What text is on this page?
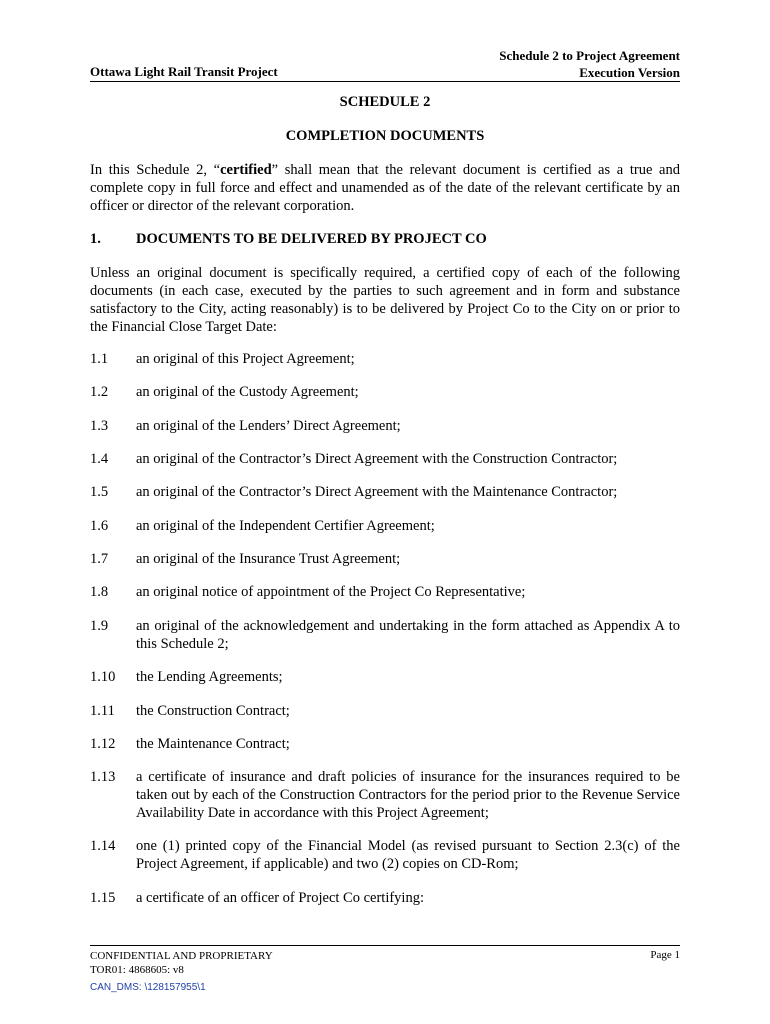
Schedule 2 to Project Agreement
Execution Version
Ottawa Light Rail Transit Project
SCHEDULE 2
COMPLETION DOCUMENTS
In this Schedule 2, “certified” shall mean that the relevant document is certified as a true and complete copy in full force and effect and unamended as of the date of the relevant certificate by an officer or director of the relevant corporation.
1. DOCUMENTS TO BE DELIVERED BY PROJECT CO
Unless an original document is specifically required, a certified copy of each of the following documents (in each case, executed by the parties to such agreement and in form and substance satisfactory to the City, acting reasonably) is to be delivered by Project Co to the City on or prior to the Financial Close Target Date:
1.1	an original of this Project Agreement;
1.2	an original of the Custody Agreement;
1.3	an original of the Lenders’ Direct Agreement;
1.4	an original of the Contractor’s Direct Agreement with the Construction Contractor;
1.5	an original of the Contractor’s Direct Agreement with the Maintenance Contractor;
1.6	an original of the Independent Certifier Agreement;
1.7	an original of the Insurance Trust Agreement;
1.8	an original notice of appointment of the Project Co Representative;
1.9	an original of the acknowledgement and undertaking in the form attached as Appendix A to this Schedule 2;
1.10	the Lending Agreements;
1.11	the Construction Contract;
1.12	the Maintenance Contract;
1.13	a certificate of insurance and draft policies of insurance for the insurances required to be taken out by each of the Construction Contractors for the period prior to the Revenue Service Availability Date in accordance with this Project Agreement;
1.14	one (1) printed copy of the Financial Model (as revised pursuant to Section 2.3(c) of the Project Agreement, if applicable) and two (2) copies on CD-Rom;
1.15	a certificate of an officer of Project Co certifying:
CONFIDENTIAL AND PROPRIETARY
TOR01: 4868605: v8
Page 1
CAN_DMS: \128157955\1
